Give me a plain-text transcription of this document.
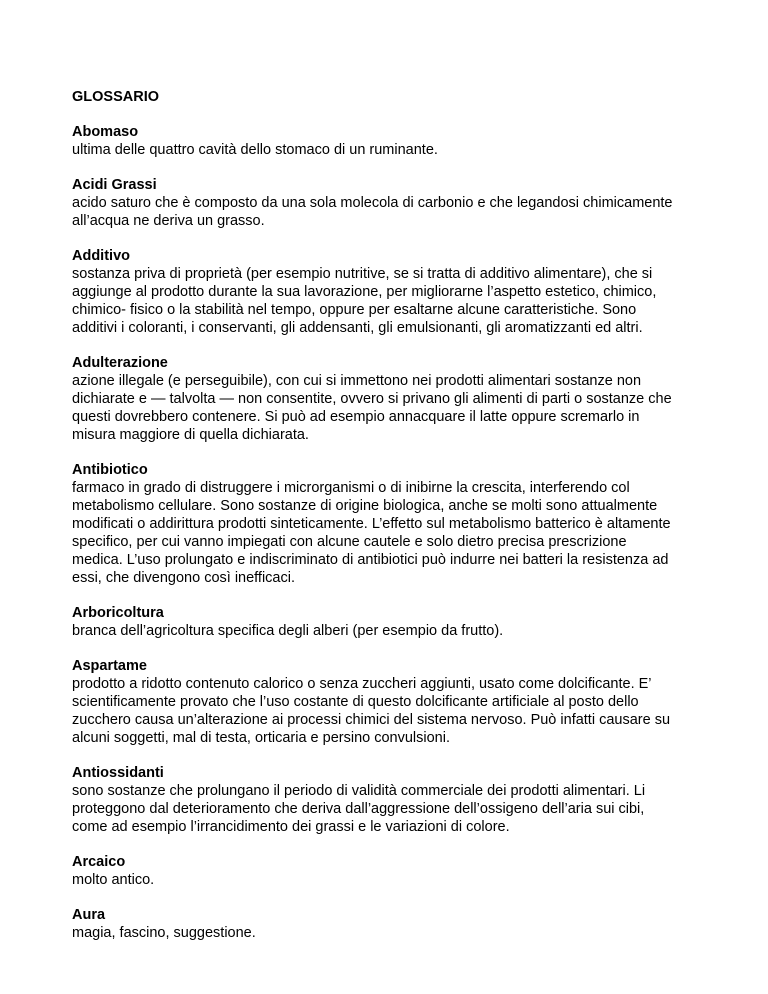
GLOSSARIO
Abomaso
ultima delle quattro cavità dello stomaco di un ruminante.
Acidi Grassi
acido saturo che è composto da una sola molecola di carbonio e che legandosi chimicamente
all’acqua ne deriva un grasso.
Additivo
sostanza priva di proprietà (per esempio nutritive, se si tratta di additivo alimentare), che si
aggiunge al prodotto durante la sua lavorazione, per migliorarne l’aspetto estetico, chimico,
chimico- fisico o la stabilità nel tempo, oppure per esaltarne alcune caratteristiche. Sono
additivi i coloranti, i conservanti, gli addensanti, gli emulsionanti, gli aromatizzanti ed altri.
Adulterazione
azione illegale (e perseguibile), con cui si immettono nei prodotti alimentari sostanze non
dichiarate e — talvolta — non consentite, ovvero si privano gli alimenti di parti o sostanze che
questi dovrebbero contenere. Si può ad esempio annacquare il latte oppure scremarlo in
misura maggiore di quella dichiarata.
Antibiotico
farmaco in grado di distruggere i microrganismi o di inibirne la crescita, interferendo col
metabolismo cellulare. Sono sostanze di origine biologica, anche se molti sono attualmente
modificati o addirittura prodotti sinteticamente. L’effetto sul metabolismo batterico è altamente
specifico, per cui vanno impiegati con alcune cautele e solo dietro precisa prescrizione
medica. L’uso prolungato e indiscriminato di antibiotici può indurre nei batteri la resistenza ad
essi, che divengono così inefficaci.
Arboricoltura
branca dell’agricoltura specifica degli alberi (per esempio da frutto).
Aspartame
prodotto a ridotto contenuto calorico o senza zuccheri aggiunti, usato come dolcificante. E’
scientificamente provato che l’uso costante di questo dolcificante artificiale al posto dello
zucchero causa un’alterazione ai processi chimici del sistema nervoso. Può infatti causare su
alcuni soggetti, mal di testa, orticaria e persino convulsioni.
Antiossidanti
sono sostanze che prolungano il periodo di validità commerciale dei prodotti alimentari. Li
proteggono dal deterioramento che deriva dall’aggressione dell’ossigeno dell’aria sui cibi,
come ad esempio l’irrancidimento dei grassi e le variazioni di colore.
Arcaico
molto antico.
Aura
magia, fascino, suggestione.
